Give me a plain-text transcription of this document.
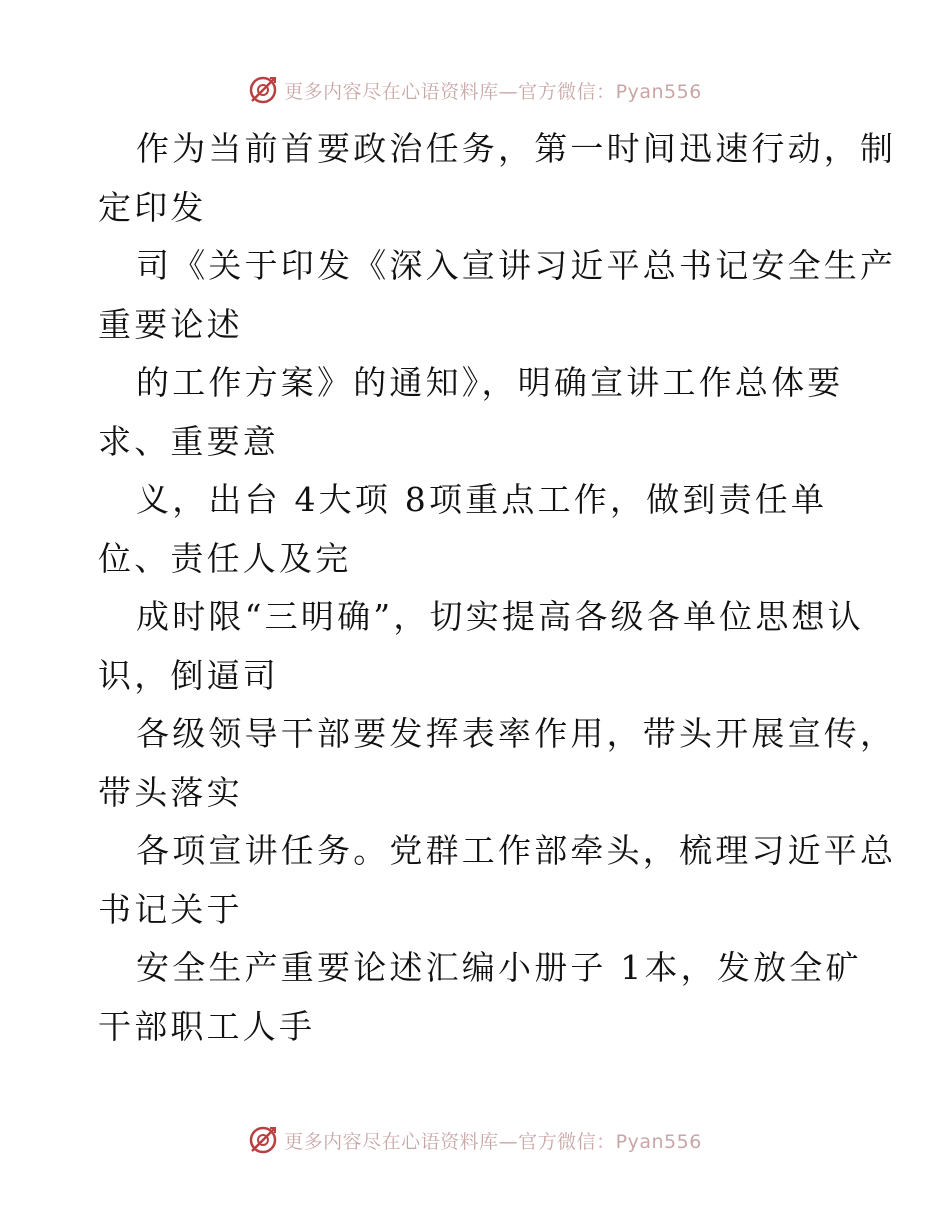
更多内容尽在心语资料库—官方微信：Pyan556
作为当前首要政治任务，第一时间迅速行动，制
定印发
司《关于印发《深入宣讲习近平总书记安全生产
重要论述
的工作方案》的通知》，明确宣讲工作总体要
求、重要意
义，出台 4大项 8项重点工作，做到责任单
位、责任人及完
成时限“三明确”，切实提高各级各单位思想认
识，倒逼司
各级领导干部要发挥表率作用，带头开展宣传，
带头落实
各项宣讲任务。党群工作部牵头，梳理习近平总
书记关于
安全生产重要论述汇编小册子 1本，发放全矿
干部职工人手
更多内容尽在心语资料库—官方微信：Pyan556
